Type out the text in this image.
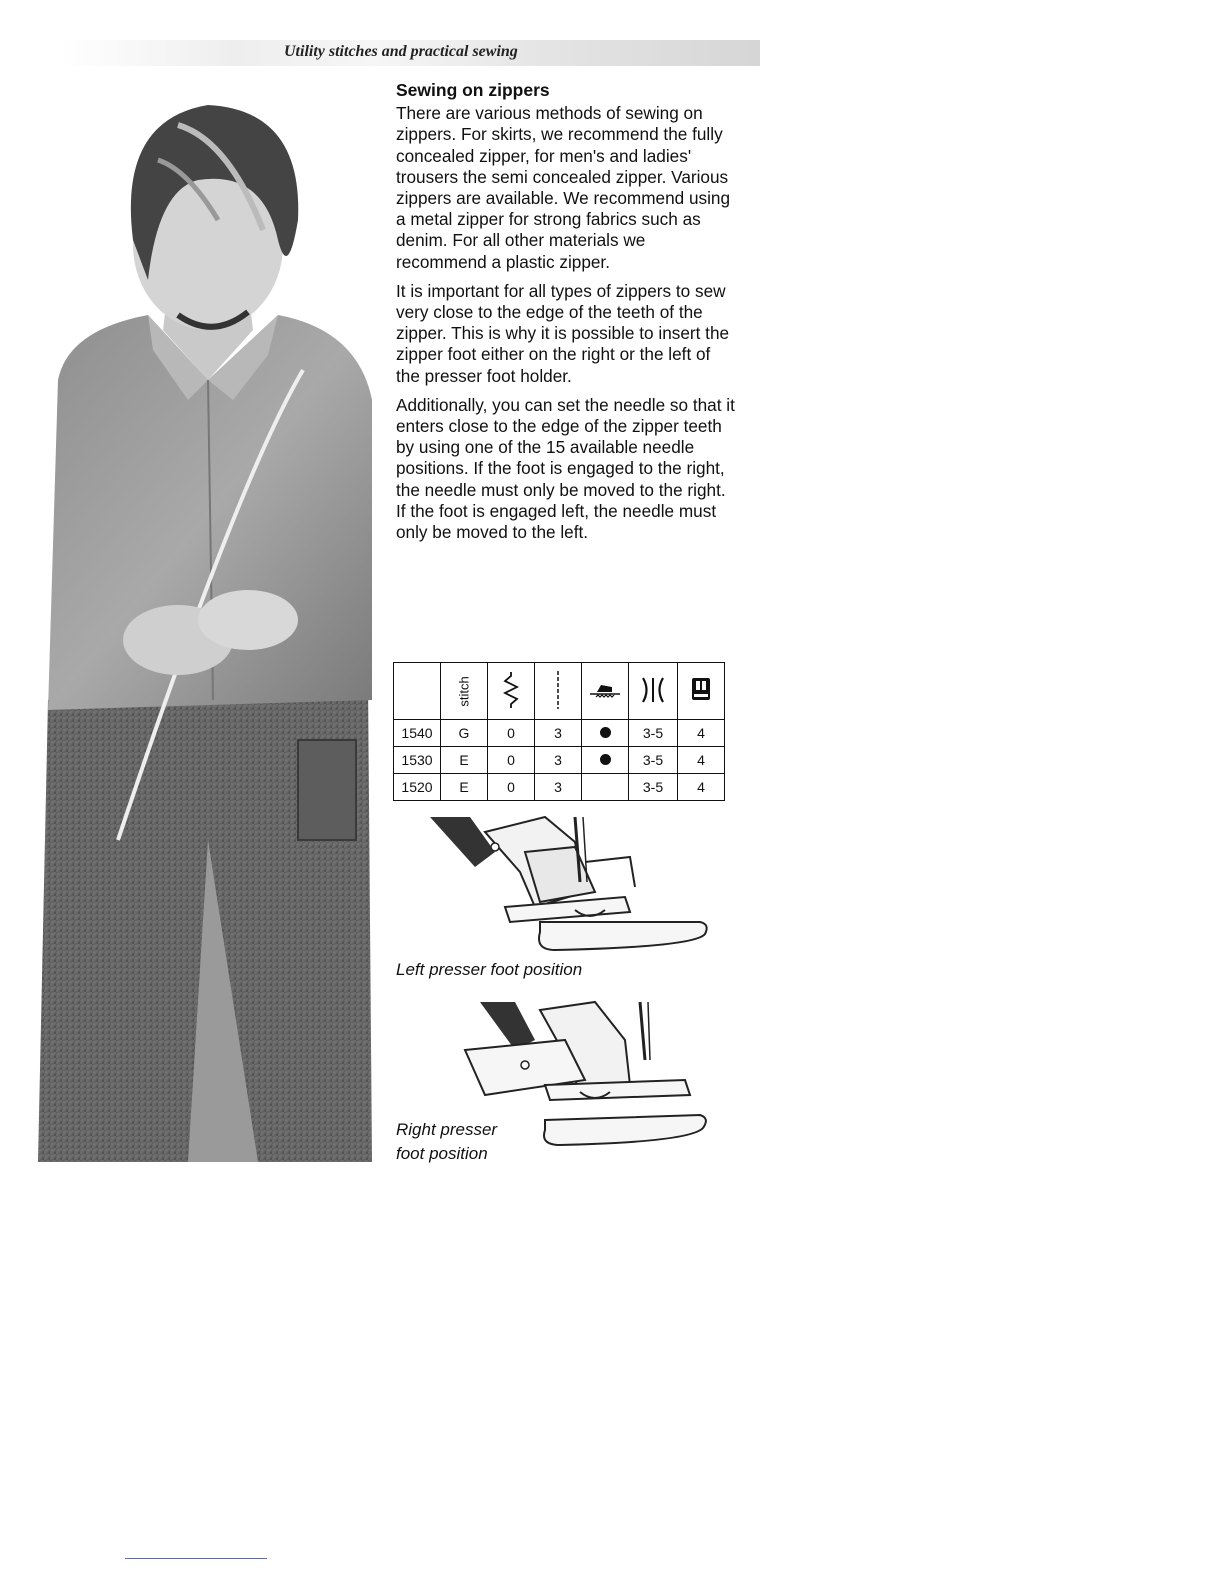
Utility stitches and practical sewing
Sewing on zippers

There are various methods of sewing on zippers. For skirts, we recommend the fully concealed zipper, for men's and ladies' trousers the semi concealed zipper. Various zippers are available. We recommend using a metal zipper for strong fabrics such as denim. For all other materials we recommend a plastic zipper.

It is important for all types of zippers to sew very close to the edge of the teeth of the zipper. This is why it is possible to insert the zipper foot either on the right or the left of the presser foot holder.

Additionally, you can set the needle so that it enters close to the edge of the zipper teeth by using one of the 15 available needle positions. If the foot is engaged to the right, the needle must only be moved to the right. If the foot is engaged left, the needle must only be moved to the left.

	stitch					
1540	G	0	3		3-5	4
1530	E	0	3		3-5	4
1520	E	0	3		3-5	4
Left presser foot position
Right presser
foot position
